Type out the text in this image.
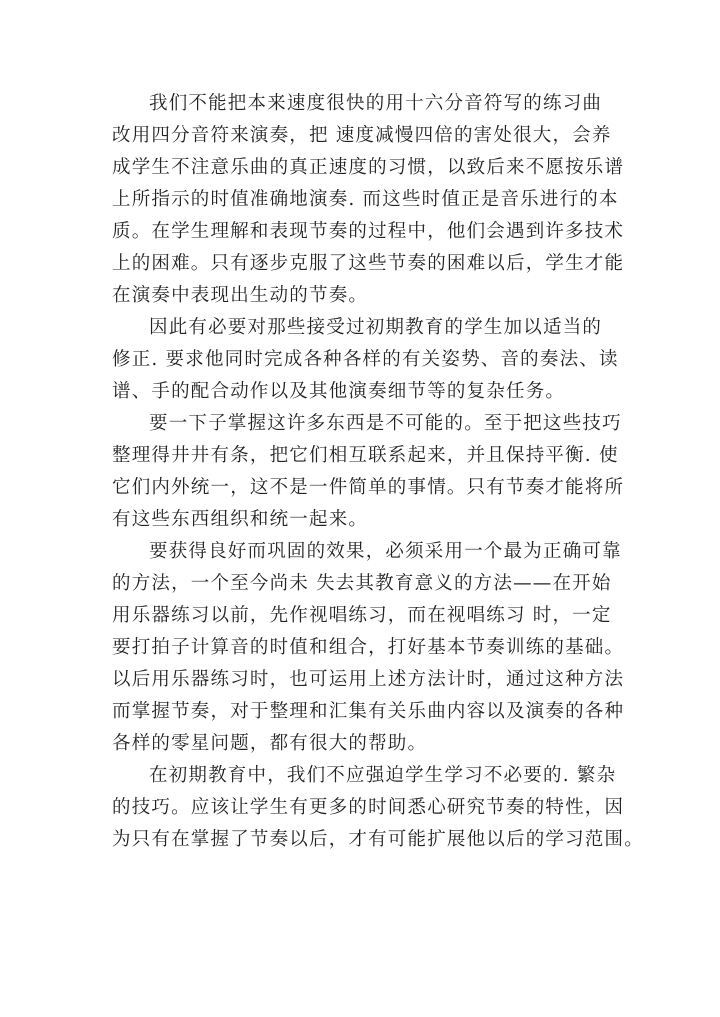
我们不能把本来速度很快的用十六分音符写的练习曲
改用四分音符来演奏，把 速度减慢四倍的害处很大，会养
成学生不注意乐曲的真正速度的习惯，以致后来不愿按乐谱
上所指示的时值准确地演奏. 而这些时值正是音乐进行的本
质。在学生理解和表现节奏的过程中，他们会遇到许多技术
上的困难。只有逐步克服了这些节奏的困难以后，学生才能
在演奏中表现出生动的节奏。

因此有必要对那些接受过初期教育的学生加以适当的
修正. 要求他同时完成各种各样的有关姿势、音的奏法、读
谱、手的配合动作以及其他演奏细节等的复杂任务。

要一下子掌握这许多东西是不可能的。至于把这些技巧
整理得井井有条，把它们相互联系起来，并且保持平衡. 使
它们内外统一，这不是一件简单的事情。只有节奏才能将所
有这些东西组织和统一起来。

要获得良好而巩固的效果，必须采用一个最为正确可靠
的方法，一个至今尚未 失去其教育意义的方法——在开始
用乐器练习以前，先作视唱练习，而在视唱练习 时，一定
要打拍子计算音的时值和组合，打好基本节奏训练的基础。
以后用乐器练习时，也可运用上述方法计时，通过这种方法
而掌握节奏，对于整理和汇集有关乐曲内容以及演奏的各种
各样的零星问题，都有很大的帮助。

在初期教育中，我们不应强迫学生学习不必要的. 繁杂
的技巧。应该让学生有更多的时间悉心研究节奏的特性，因
为只有在掌握了节奏以后，才有可能扩展他以后的学习范围。
